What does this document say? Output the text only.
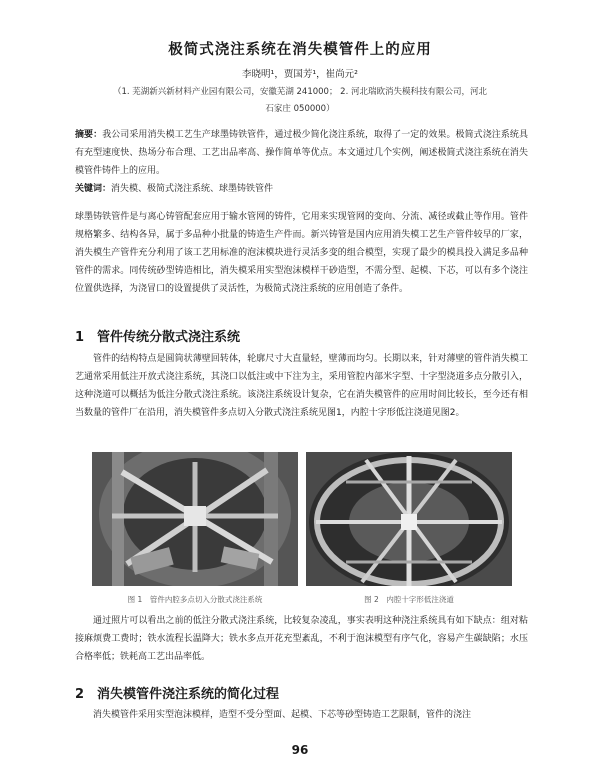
极简式浇注系统在消失模管件上的应用
李晓明¹，贾国芳¹，崔尚元²
（1. 芜湖新兴新材料产业园有限公司，安徽芜湖 241000； 2. 河北瑞欧消失模科技有限公司，河北
石家庄 050000）
摘要：我公司采用消失模工艺生产球墨铸铁管件，通过极少简化浇注系统，取得了一定的效果。极简式浇注系统具有充型速度快、热场分布合理、工艺出品率高、操作简单等优点。本文通过几个实例，阐述极简式浇注系统在消失模管件铸件上的应用。
关键词：消失模、极简式浇注系统、球墨铸铁管件
球墨铸铁管件是与离心铸管配套应用于输水管网的铸件，它用来实现管网的变向、分流、减径或截止等作用。管件规格繁多、结构各异，属于多品种小批量的铸造生产件而。新兴铸管是国内应用消失模工艺生产管件较早的厂家，消失模生产管件充分利用了该工艺用标准的泡沫模块进行灵活多变的组合模型，实现了最少的模具投入满足多品种管件的需求。同传统砂型铸造相比，消失模采用实型泡沫模样干砂造型，不需分型、起模、下芯，可以有多个浇注位置供选择，为浇冒口的设置提供了灵活性，为极简式浇注系统的应用创造了条件。
1　管件传统分散式浇注系统
管件的结构特点是圆筒状薄壁回转体，轮廓尺寸大直量轻，壁薄而均匀。长期以来，针对薄壁的管件消失模工艺通常采用低注开放式浇注系统，其浇口以低注或中下注为主，采用管腔内部米字型、十字型浇道多点分散引入，这种浇道可以概括为低注分散式浇注系统。该浇注系统设计复杂，它在消失模管件的应用时间比较长，至今还有相当数量的管件厂在沿用，消失模管件多点切入分散式浇注系统见图1，内腔十字形低注浇道见图2。
图 1　管件内腔多点切入分散式浇注系统	图 2　内腔十字形低注浇道
通过照片可以看出之前的低注分散式浇注系统，比较复杂凌乱，事实表明这种浇注系统具有如下缺点：组对粘接麻烦费工费时；铁水流程长温降大；铁水多点开花充型紊乱，不利于泡沫模型有序气化，容易产生碳缺陷；水压合格率低；铁耗高工艺出品率低。
2　消失模管件浇注系统的简化过程
消失模管件采用实型泡沫模样，造型不受分型面、起模、下芯等砂型铸造工艺限制，管件的浇注
96
